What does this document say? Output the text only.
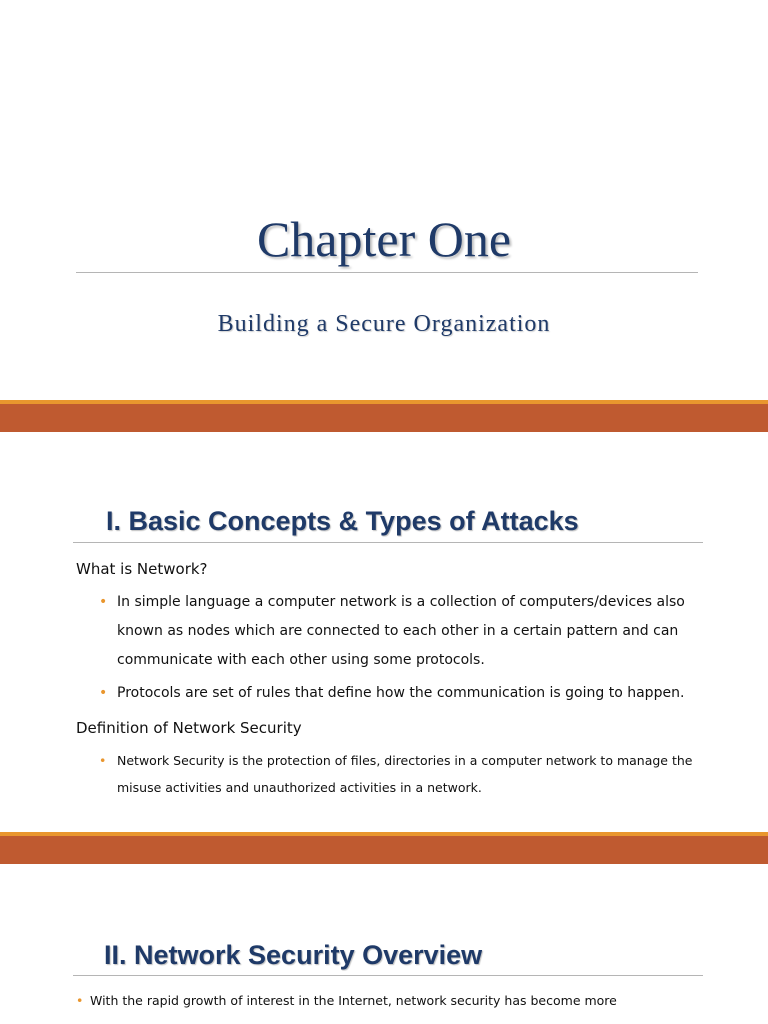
Chapter One
Building a Secure Organization
I. Basic Concepts & Types of Attacks
What is Network?
• In simple language a computer network is a collection of computers/devices also known as nodes which are connected to each other in a certain pattern and can communicate with each other using some protocols.
• Protocols are set of rules that define how the communication is going to happen.
Definition of Network Security
• Network Security is the protection of files, directories in a computer network to manage the misuse activities and unauthorized activities in a network.
II. Network Security Overview
• With the rapid growth of interest in the Internet, network security has become more
